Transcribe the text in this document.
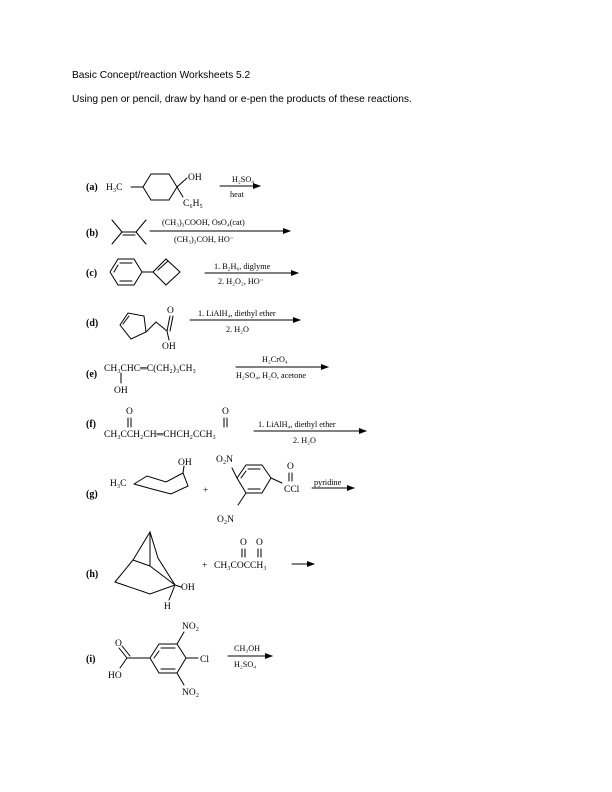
Basic Concept/reaction Worksheets 5.2
Using pen or pencil, draw by hand or e-pen the products of these reactions.
(a) H₃C
OH
C₆H₅
H₂SO₄
heat
(b)
(CH₃)₃COOH, OsO₄(cat)
(CH₃)₃COH, HO⁻
(c)
1. B₂H₆, diglyme
2. H₂O₂, HO⁻
(d)
O
OH
1. LiAlH₄, diethyl ether
2. H₂O
(e) CH₃CHC═C(CH₂)₃CH₃
OH
H₂CrO₄
H₂SO₄, H₂O, acetone
(f)
O	O
CH₃CCH₂CH═CHCH₂CCH₃
1. LiAlH₄, diethyl ether
2. H₂O
(g)
H₃C
OH
+
O₂N
O₂N
O
CCl
pyridine
(h)
OH
H
+
O O
CH₃COCCH₃
(i)
O
HO
NO₂
NO₂
Cl
CH₃OH
H₂SO₄
